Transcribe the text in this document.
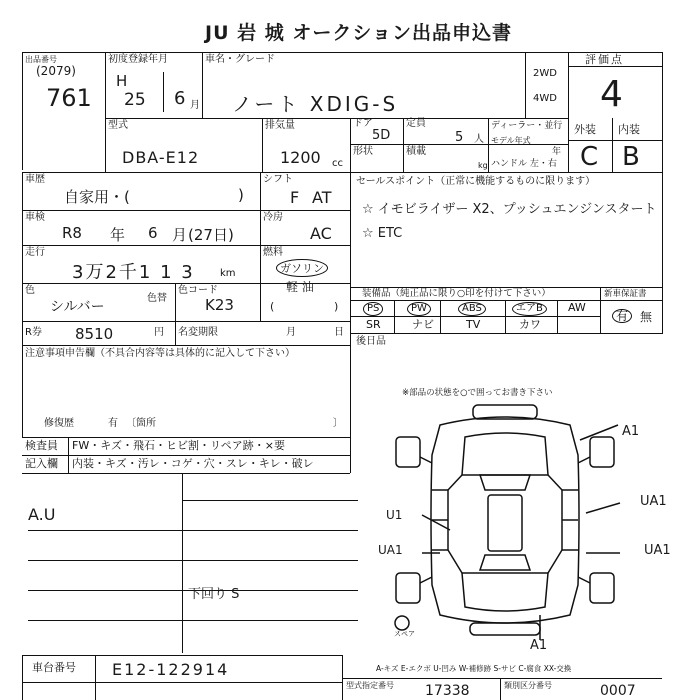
JU 岩 城 オークション出品申込書
出品番号
(2079)
761
初度登録年月
H
25 6 月
車名・グレード
ノート XDIG-S
2WD
4WD
評価点
4
型式
DBA-E12
排気量
1200 cc
ドア
5D
定員
5 人
形状	積載
kg
ディーラー・並行
モデル年式
年
ハンドル 左・右
外装 内装
C B
車歴
自家用・(	)
シフト
F AT
車検
R8 年 6 月 (27日)
冷房
AC
走行
3万2千1 1 3	km
燃料
ガソリン
軽 油
(	)
色
シルバー
色替
色コード
K23
R券 8510	円 名変期限	月	日
注意事項申告欄（不具合内容等は具体的に記入して下さい）
修復歴	有 〔箇所	〕
セールスポイント（正常に機能するものに限ります）
☆ イモビライザー X2、プッシュエンジンスタート
☆ ETC
装備品（純正品に限り○印を付けて下さい）	新車保証書
PS	PW	ABS	エアB	AW
SR	ナビ	TV	カワ
有 無
後日品
検査員
記入欄
FW・キズ・飛石・ヒビ割・リペア跡・×要
内装・キズ・汚レ・コゲ・穴・スレ・キレ・破レ
A.U
下回り S
※部品の状態を○で囲ってお書き下さい
A1
U1
UA1
UA1	UA1
A1
スペア
A-キズ E-エクボ U-凹み W-補修跡 S-サビ C-腐食 XX-交換
車台番号 E12-122914
型式指定番号 17338	類別区分番号	0007
